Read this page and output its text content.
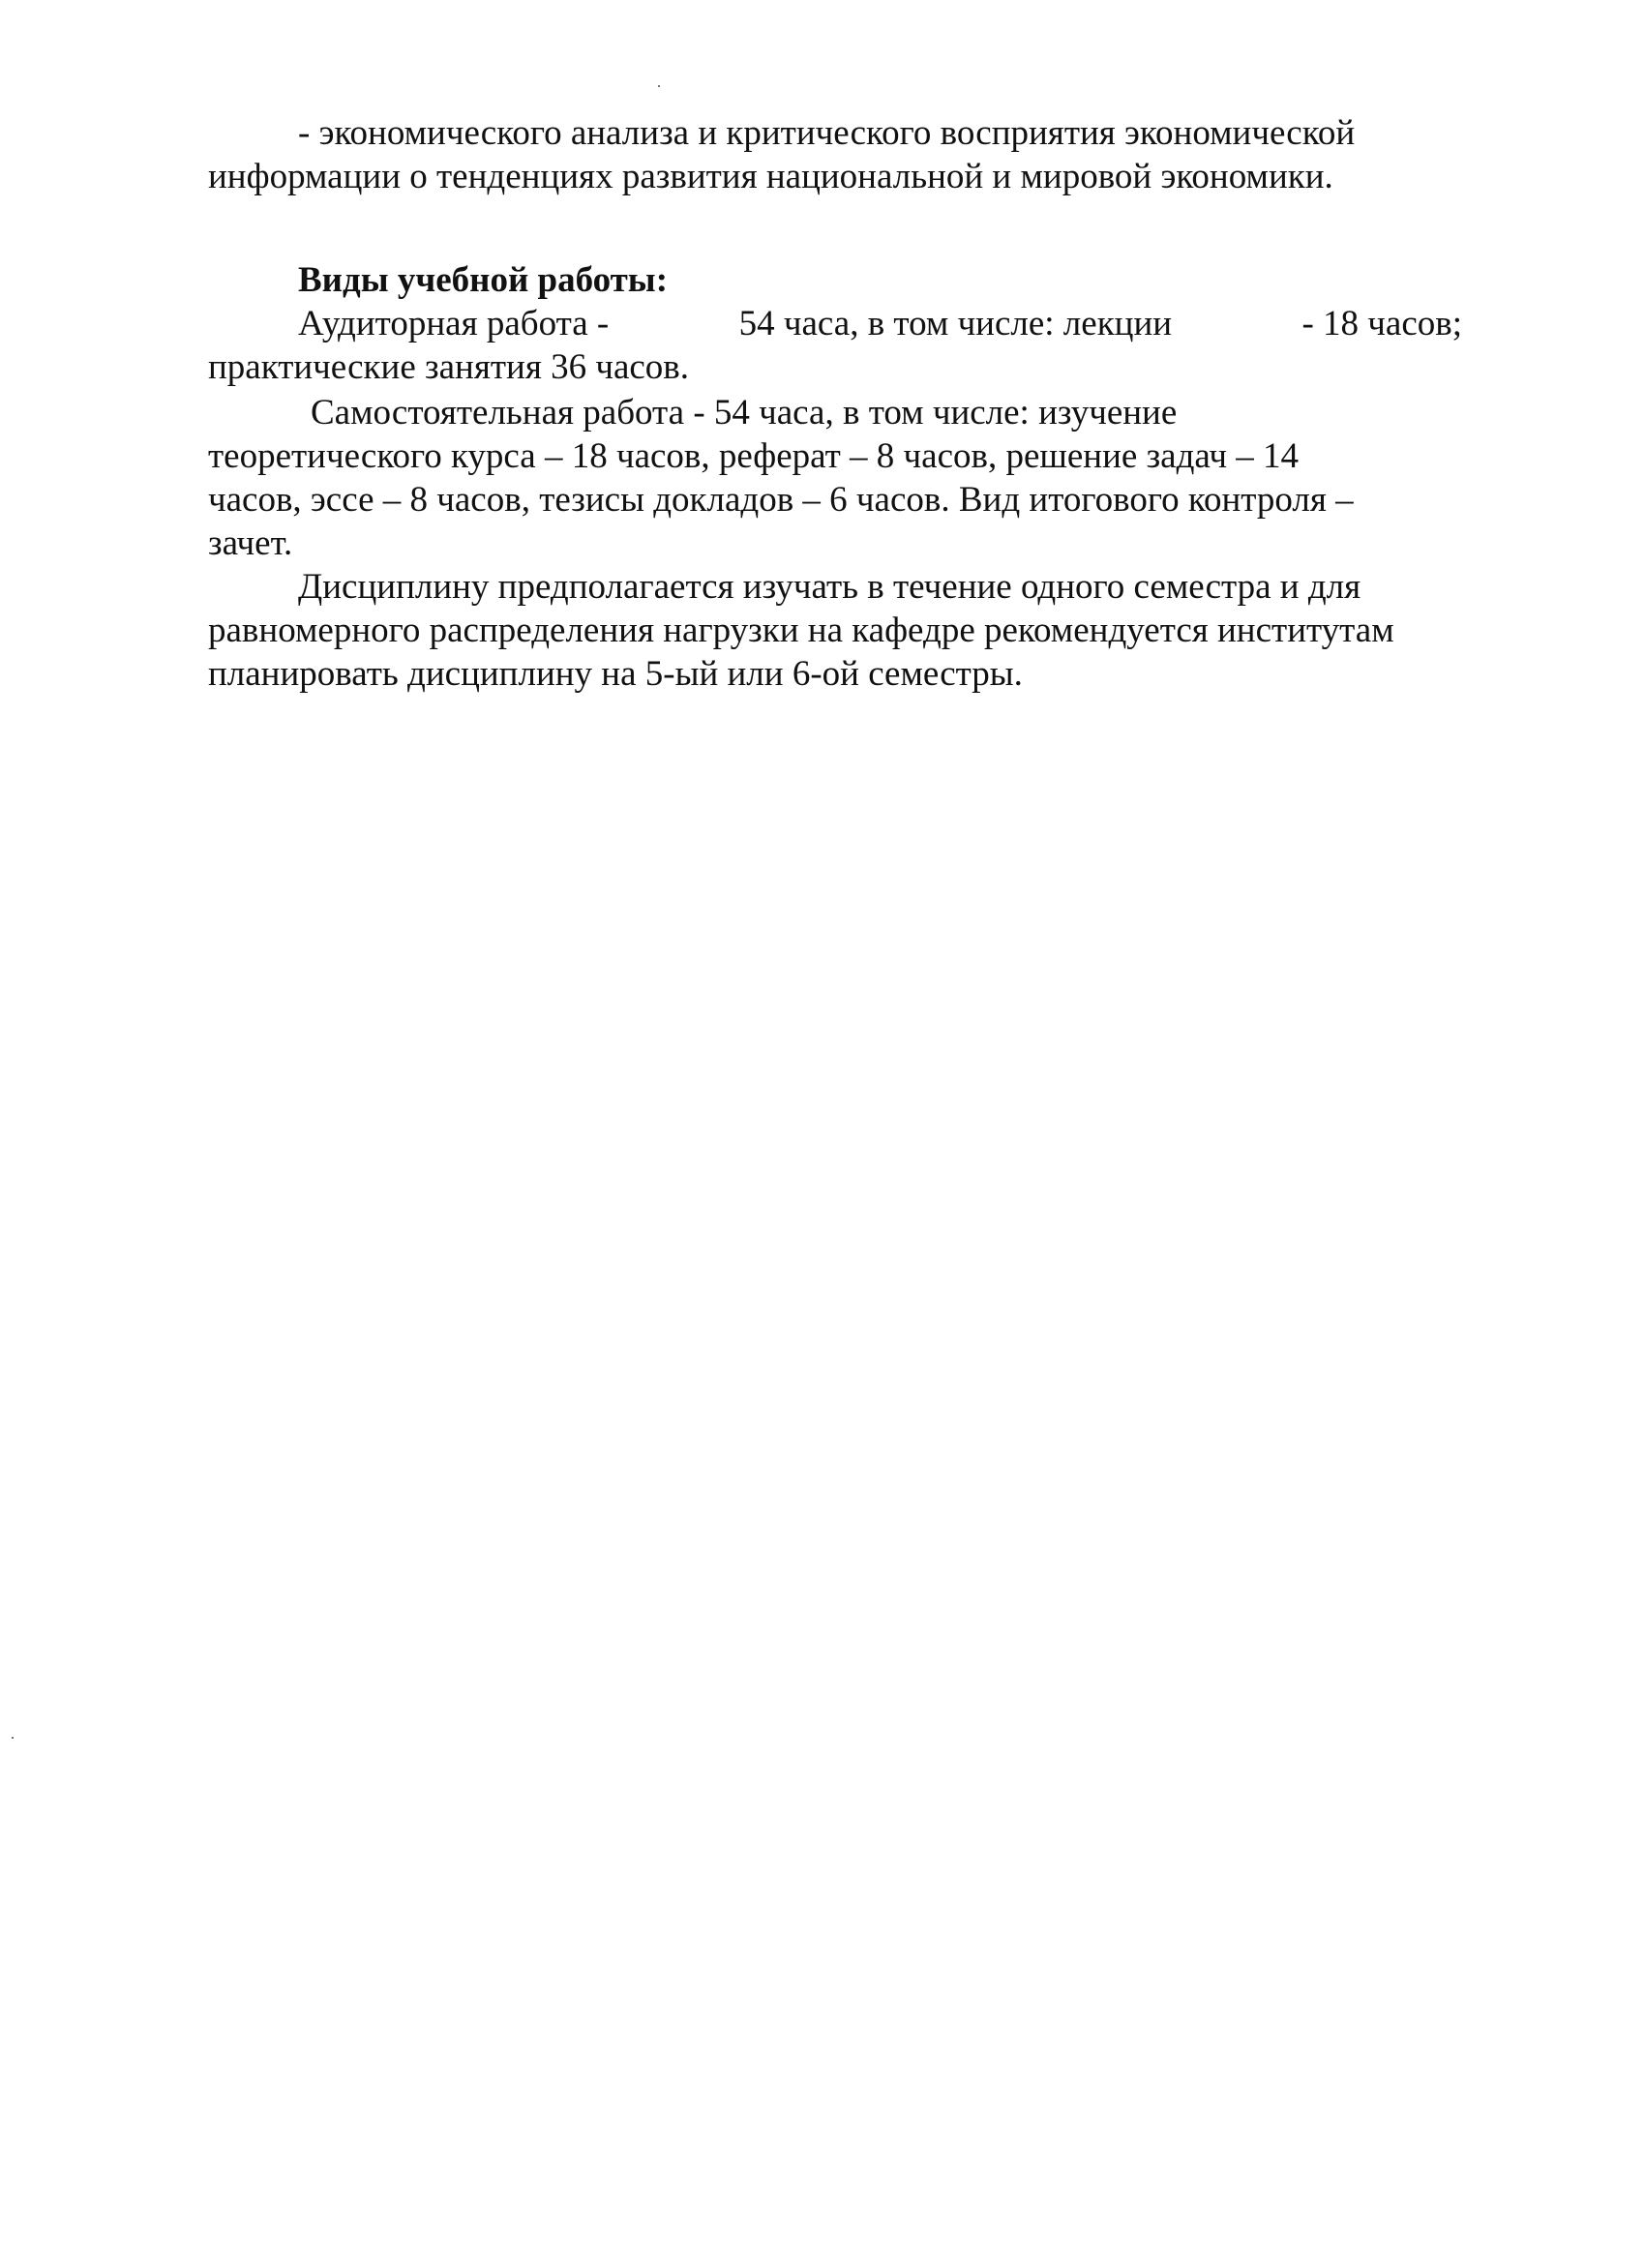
- экономического анализа и критического восприятия экономической
информации о тенденциях развития национальной и мировой экономики.
Виды учебной работы:
Аудиторная работа -	54 часа, в том числе: лекции	- 18 часов;
практические занятия 36 часов.
Самостоятельная работа - 54 часа, в том числе: изучение
теоретического курса – 18 часов, реферат – 8 часов, решение задач – 14
часов, эссе – 8 часов, тезисы докладов – 6 часов. Вид итогового контроля –
зачет.
Дисциплину предполагается изучать в течение одного семестра и для
равномерного распределения нагрузки на кафедре рекомендуется институтам
планировать дисциплину на 5-ый или 6-ой семестры.
